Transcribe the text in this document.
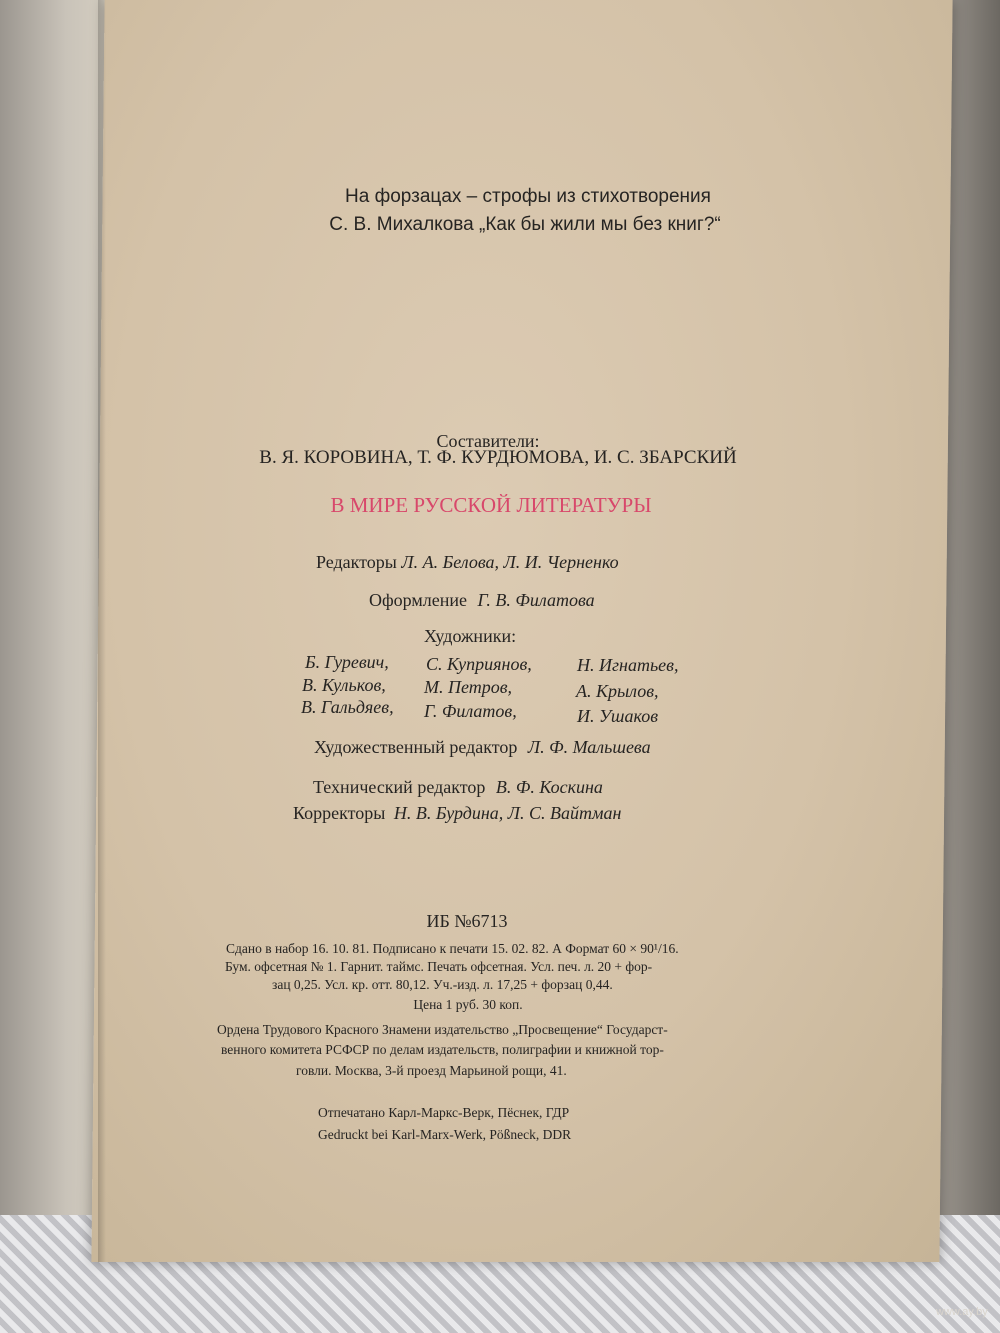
На форзацах – строфы из стихотворения
С. В. Михалкова „Как бы жили мы без книг?“
Составители:
В. Я. КОРОВИНА, Т. Ф. КУРДЮМОВА, И. С. ЗБАРСКИЙ
В МИРЕ РУССКОЙ ЛИТЕРАТУРЫ
Редакторы Л. А. Белова, Л. И. Черненко
Оформление Г. В. Филатова
Художники:
Б. Гуревич, С. Куприянов,	Н. Игнатьев,
В. Кульков, М. Петров,	А. Крылов,
В. Гальдяев, Г. Филатов,	И. Ушаков
Художественный редактор Л. Ф. Мальшева
Технический редактор В. Ф. Коскина
Корректоры Н. В. Бурдина, Л. С. Вайтман
ИБ №6713
Сдано в набор 16. 10. 81. Подписано к печати 15. 02. 82. А Формат 60 × 90¹/16.
Бум. офсетная № 1. Гарнит. таймс. Печать офсетная. Усл. печ. л. 20 + фор-
зац 0,25. Усл. кр. отт. 80,12. Уч.-изд. л. 17,25 + форзац 0,44.
Цена 1 руб. 30 коп.
Ордена Трудового Красного Знамени издательство „Просвещение“ Государст-
венного комитета РСФСР по делам издательств, полиграфии и книжной тор-
говли. Москва, 3-й проезд Марьиной рощи, 41.
Отпечатано Карл-Маркс-Верк, Пёснек, ГДР
Gedruckt bei Karl-Marx-Werk, Pößneck, DDR
www.ay.by
